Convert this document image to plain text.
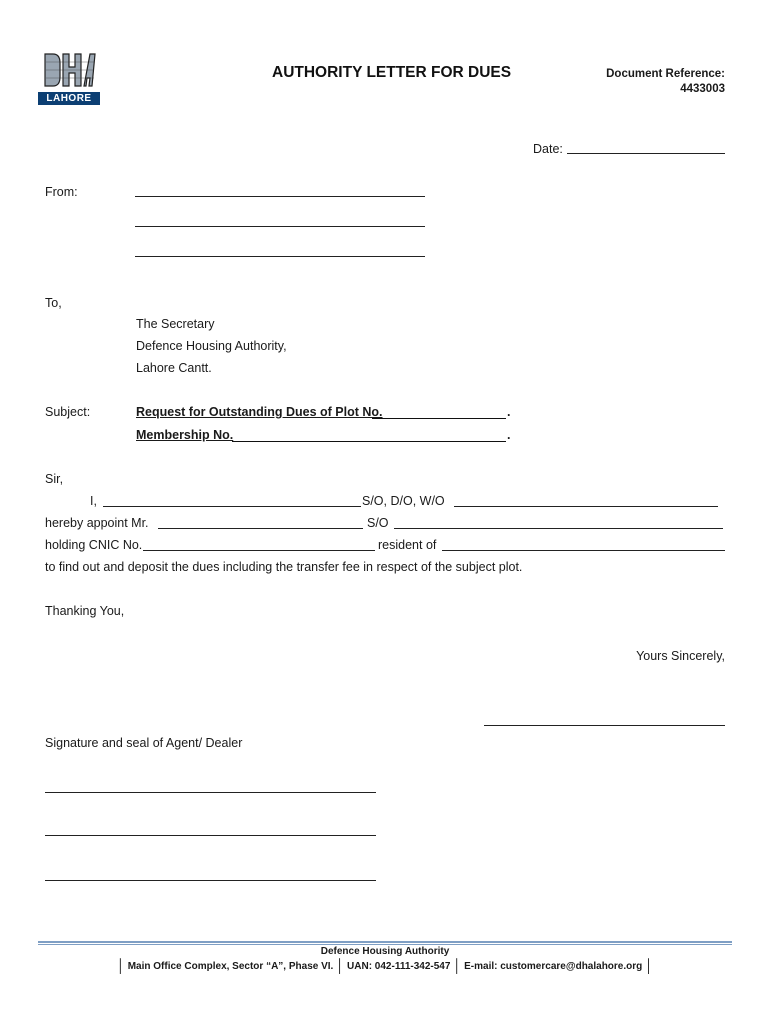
LAHORE
AUTHORITY LETTER FOR DUES	Document Reference:
4433003
Date:
From:
To,
The Secretary
Defence Housing Authority,
Lahore Cantt.
Subject:	Request for Outstanding Dues of Plot No.	.
Membership No.	.
Sir,
I,	S/O, D/O, W/O
hereby appoint Mr.	S/O
holding CNIC No.	resident of
to find out and deposit the dues including the transfer fee in respect of the subject plot.
Thanking You,
Yours Sincerely,
Signature and seal of Agent/ Dealer
Defence Housing Authority
│ Main Office Complex, Sector “A”, Phase VI. │ UAN: 042-111-342-547 │ E-mail: customercare@dhalahore.org │
